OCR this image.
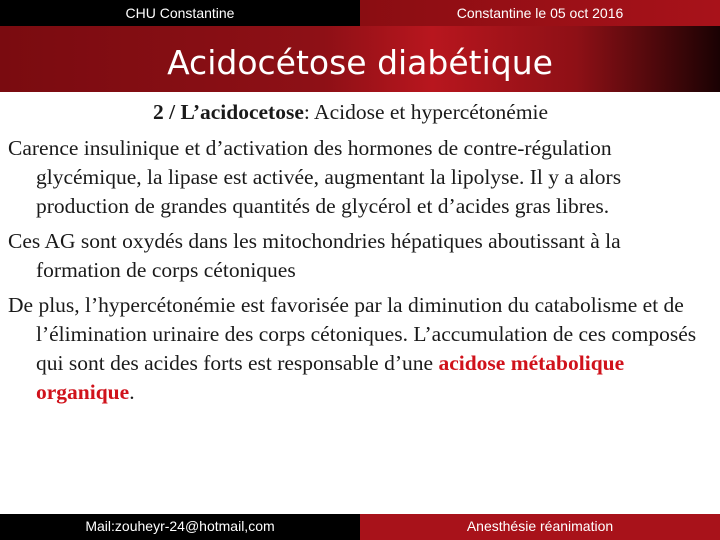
CHU Constantine	Constantine le 05 oct 2016
Acidocétose diabétique
2 / L’acidocetose: Acidose et hypercétonémie
Carence insulinique et d’activation des hormones de contre-régulation glycémique, la lipase est activée, augmentant la lipolyse. Il y a alors production de grandes quantités de glycérol et d’acides gras libres.
Ces AG sont oxydés dans les mitochondries hépatiques aboutissant à la formation de corps cétoniques
De plus, l’hypercétonémie est favorisée par la diminution du catabolisme et de l’élimination urinaire des corps cétoniques. L’accumulation de ces composés qui sont des acides forts est responsable d’une acidose métabolique organique.
Mail:zouheyr-24@hotmail,com	Anesthésie réanimation
